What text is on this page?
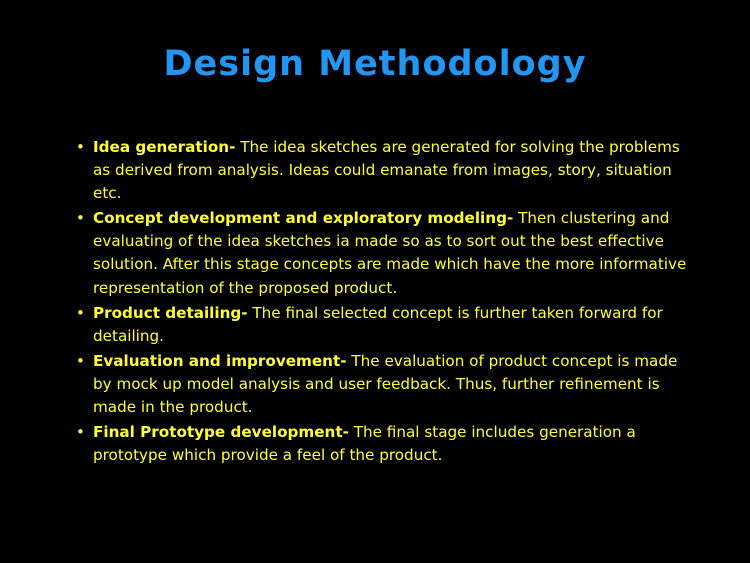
Design Methodology
• Idea generation- The idea sketches are generated for solving the problems as derived from analysis. Ideas could emanate from images, story, situation etc.
• Concept development and exploratory modeling- Then clustering and evaluating of the idea sketches ia made so as to sort out the best effective solution. After this stage concepts are made which have the more informative representation of the proposed product.
• Product detailing- The final selected concept is further taken forward for detailing.
• Evaluation and improvement- The evaluation of product concept is made by mock up model analysis and user feedback. Thus, further refinement is made in the product.
• Final Prototype development- The final stage includes generation a prototype which provide a feel of the product.
